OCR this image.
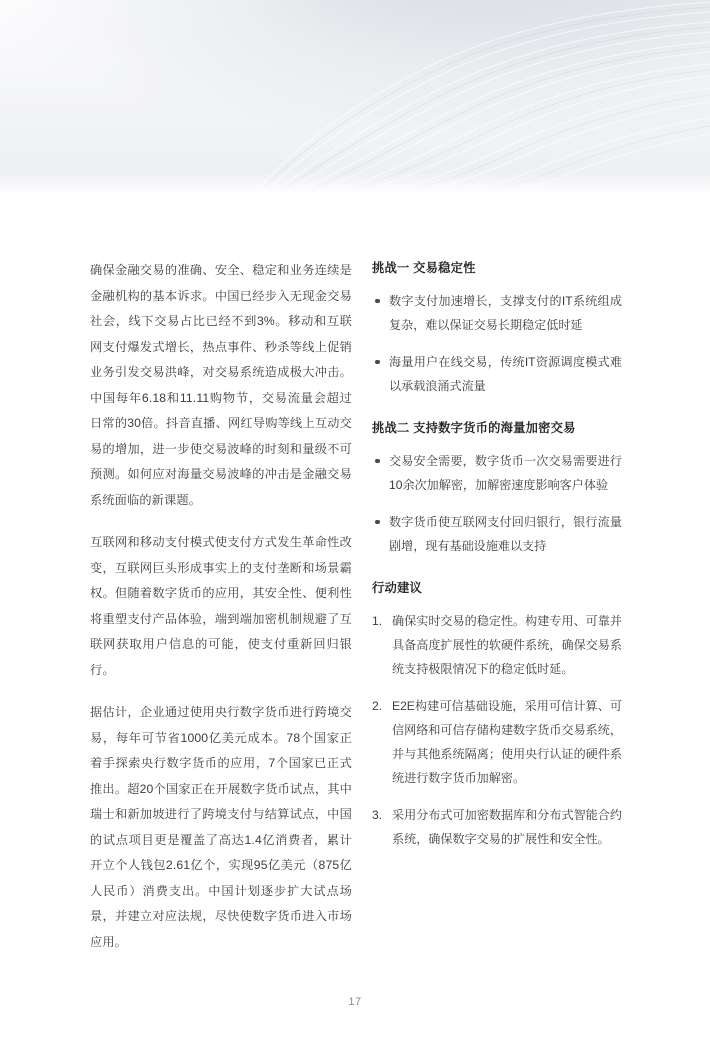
确保金融交易的准确、安全、稳定和业务连续是金融机构的基本诉求。中国已经步入无现金交易社会，线下交易占比已经不到3%。移动和互联网支付爆发式增长，热点事件、秒杀等线上促销业务引发交易洪峰，对交易系统造成极大冲击。中国每年6.18和11.11购物节，交易流量会超过日常的30倍。抖音直播、网红导购等线上互动交易的增加，进一步使交易波峰的时刻和量级不可预测。如何应对海量交易波峰的冲击是金融交易系统面临的新课题。

互联网和移动支付模式使支付方式发生革命性改变，互联网巨头形成事实上的支付垄断和场景霸权。但随着数字货币的应用，其安全性、便利性将重塑支付产品体验，端到端加密机制规避了互联网获取用户信息的可能，使支付重新回归银行。

据估计，企业通过使用央行数字货币进行跨境交易，每年可节省1000亿美元成本。78个国家正着手探索央行数字货币的应用，7个国家已正式推出。超20个国家正在开展数字货币试点，其中瑞士和新加坡进行了跨境支付与结算试点，中国的试点项目更是覆盖了高达1.4亿消费者，累计开立个人钱包2.61亿个，实现95亿美元（875亿人民币）消费支出。中国计划逐步扩大试点场景，并建立对应法规，尽快使数字货币进入市场应用。

挑战一 交易稳定性
数字支付加速增长，支撑支付的IT系统组成复杂，难以保证交易长期稳定低时延
海量用户在线交易，传统IT资源调度模式难以承载浪涌式流量
挑战二 支持数字货币的海量加密交易
交易安全需要，数字货币一次交易需要进行10余次加解密，加解密速度影响客户体验
数字货币使互联网支付回归银行，银行流量剧增，现有基础设施难以支持
行动建议
确保实时交易的稳定性。构建专用、可靠并具备高度扩展性的软硬件系统，确保交易系统支持极限情况下的稳定低时延。
E2E构建可信基础设施，采用可信计算、可信网络和可信存储构建数字货币交易系统，并与其他系统隔离；使用央行认证的硬件系统进行数字货币加解密。
采用分布式可加密数据库和分布式智能合约系统，确保数字交易的扩展性和安全性。
17
